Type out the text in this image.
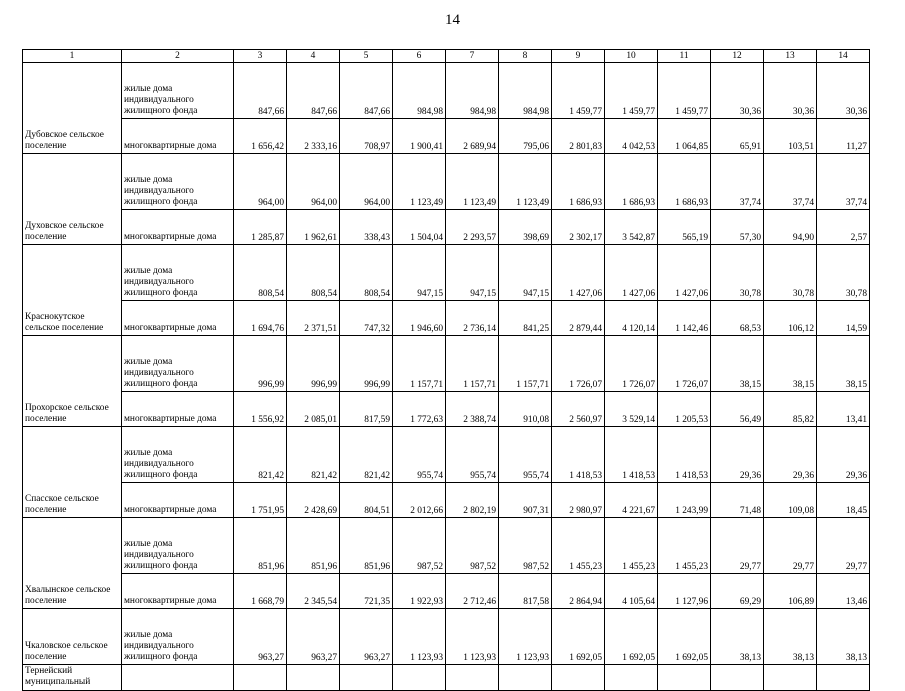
14
1	2	3	4	5	6	7	8	9	10	11	12	13	14
Дубовское сельское поселение	жилые дома индивидуального жилищного фонда	847,66	847,66	847,66	984,98	984,98	984,98	1 459,77	1 459,77	1 459,77	30,36	30,36	30,36
	многоквартирные дома	1 656,42	2 333,16	708,97	1 900,41	2 689,94	795,06	2 801,83	4 042,53	1 064,85	65,91	103,51	11,27
Духовское сельское поселение	жилые дома индивидуального жилищного фонда	964,00	964,00	964,00	1 123,49	1 123,49	1 123,49	1 686,93	1 686,93	1 686,93	37,74	37,74	37,74
	многоквартирные дома	1 285,87	1 962,61	338,43	1 504,04	2 293,57	398,69	2 302,17	3 542,87	565,19	57,30	94,90	2,57
Краснокутское сельское поселение	жилые дома индивидуального жилищного фонда	808,54	808,54	808,54	947,15	947,15	947,15	1 427,06	1 427,06	1 427,06	30,78	30,78	30,78
	многоквартирные дома	1 694,76	2 371,51	747,32	1 946,60	2 736,14	841,25	2 879,44	4 120,14	1 142,46	68,53	106,12	14,59
Прохорское сельское поселение	жилые дома индивидуального жилищного фонда	996,99	996,99	996,99	1 157,71	1 157,71	1 157,71	1 726,07	1 726,07	1 726,07	38,15	38,15	38,15
	многоквартирные дома	1 556,92	2 085,01	817,59	1 772,63	2 388,74	910,08	2 560,97	3 529,14	1 205,53	56,49	85,82	13,41
Спасское сельское поселение	жилые дома индивидуального жилищного фонда	821,42	821,42	821,42	955,74	955,74	955,74	1 418,53	1 418,53	1 418,53	29,36	29,36	29,36
	многоквартирные дома	1 751,95	2 428,69	804,51	2 012,66	2 802,19	907,31	2 980,97	4 221,67	1 243,99	71,48	109,08	18,45
Хвалынское сельское поселение	жилые дома индивидуального жилищного фонда	851,96	851,96	851,96	987,52	987,52	987,52	1 455,23	1 455,23	1 455,23	29,77	29,77	29,77
	многоквартирные дома	1 668,79	2 345,54	721,35	1 922,93	2 712,46	817,58	2 864,94	4 105,64	1 127,96	69,29	106,89	13,46
Чкаловское сельское поселение	жилые дома индивидуального жилищного фонда	963,27	963,27	963,27	1 123,93	1 123,93	1 123,93	1 692,05	1 692,05	1 692,05	38,13	38,13	38,13
Тернейский муниципальный													
